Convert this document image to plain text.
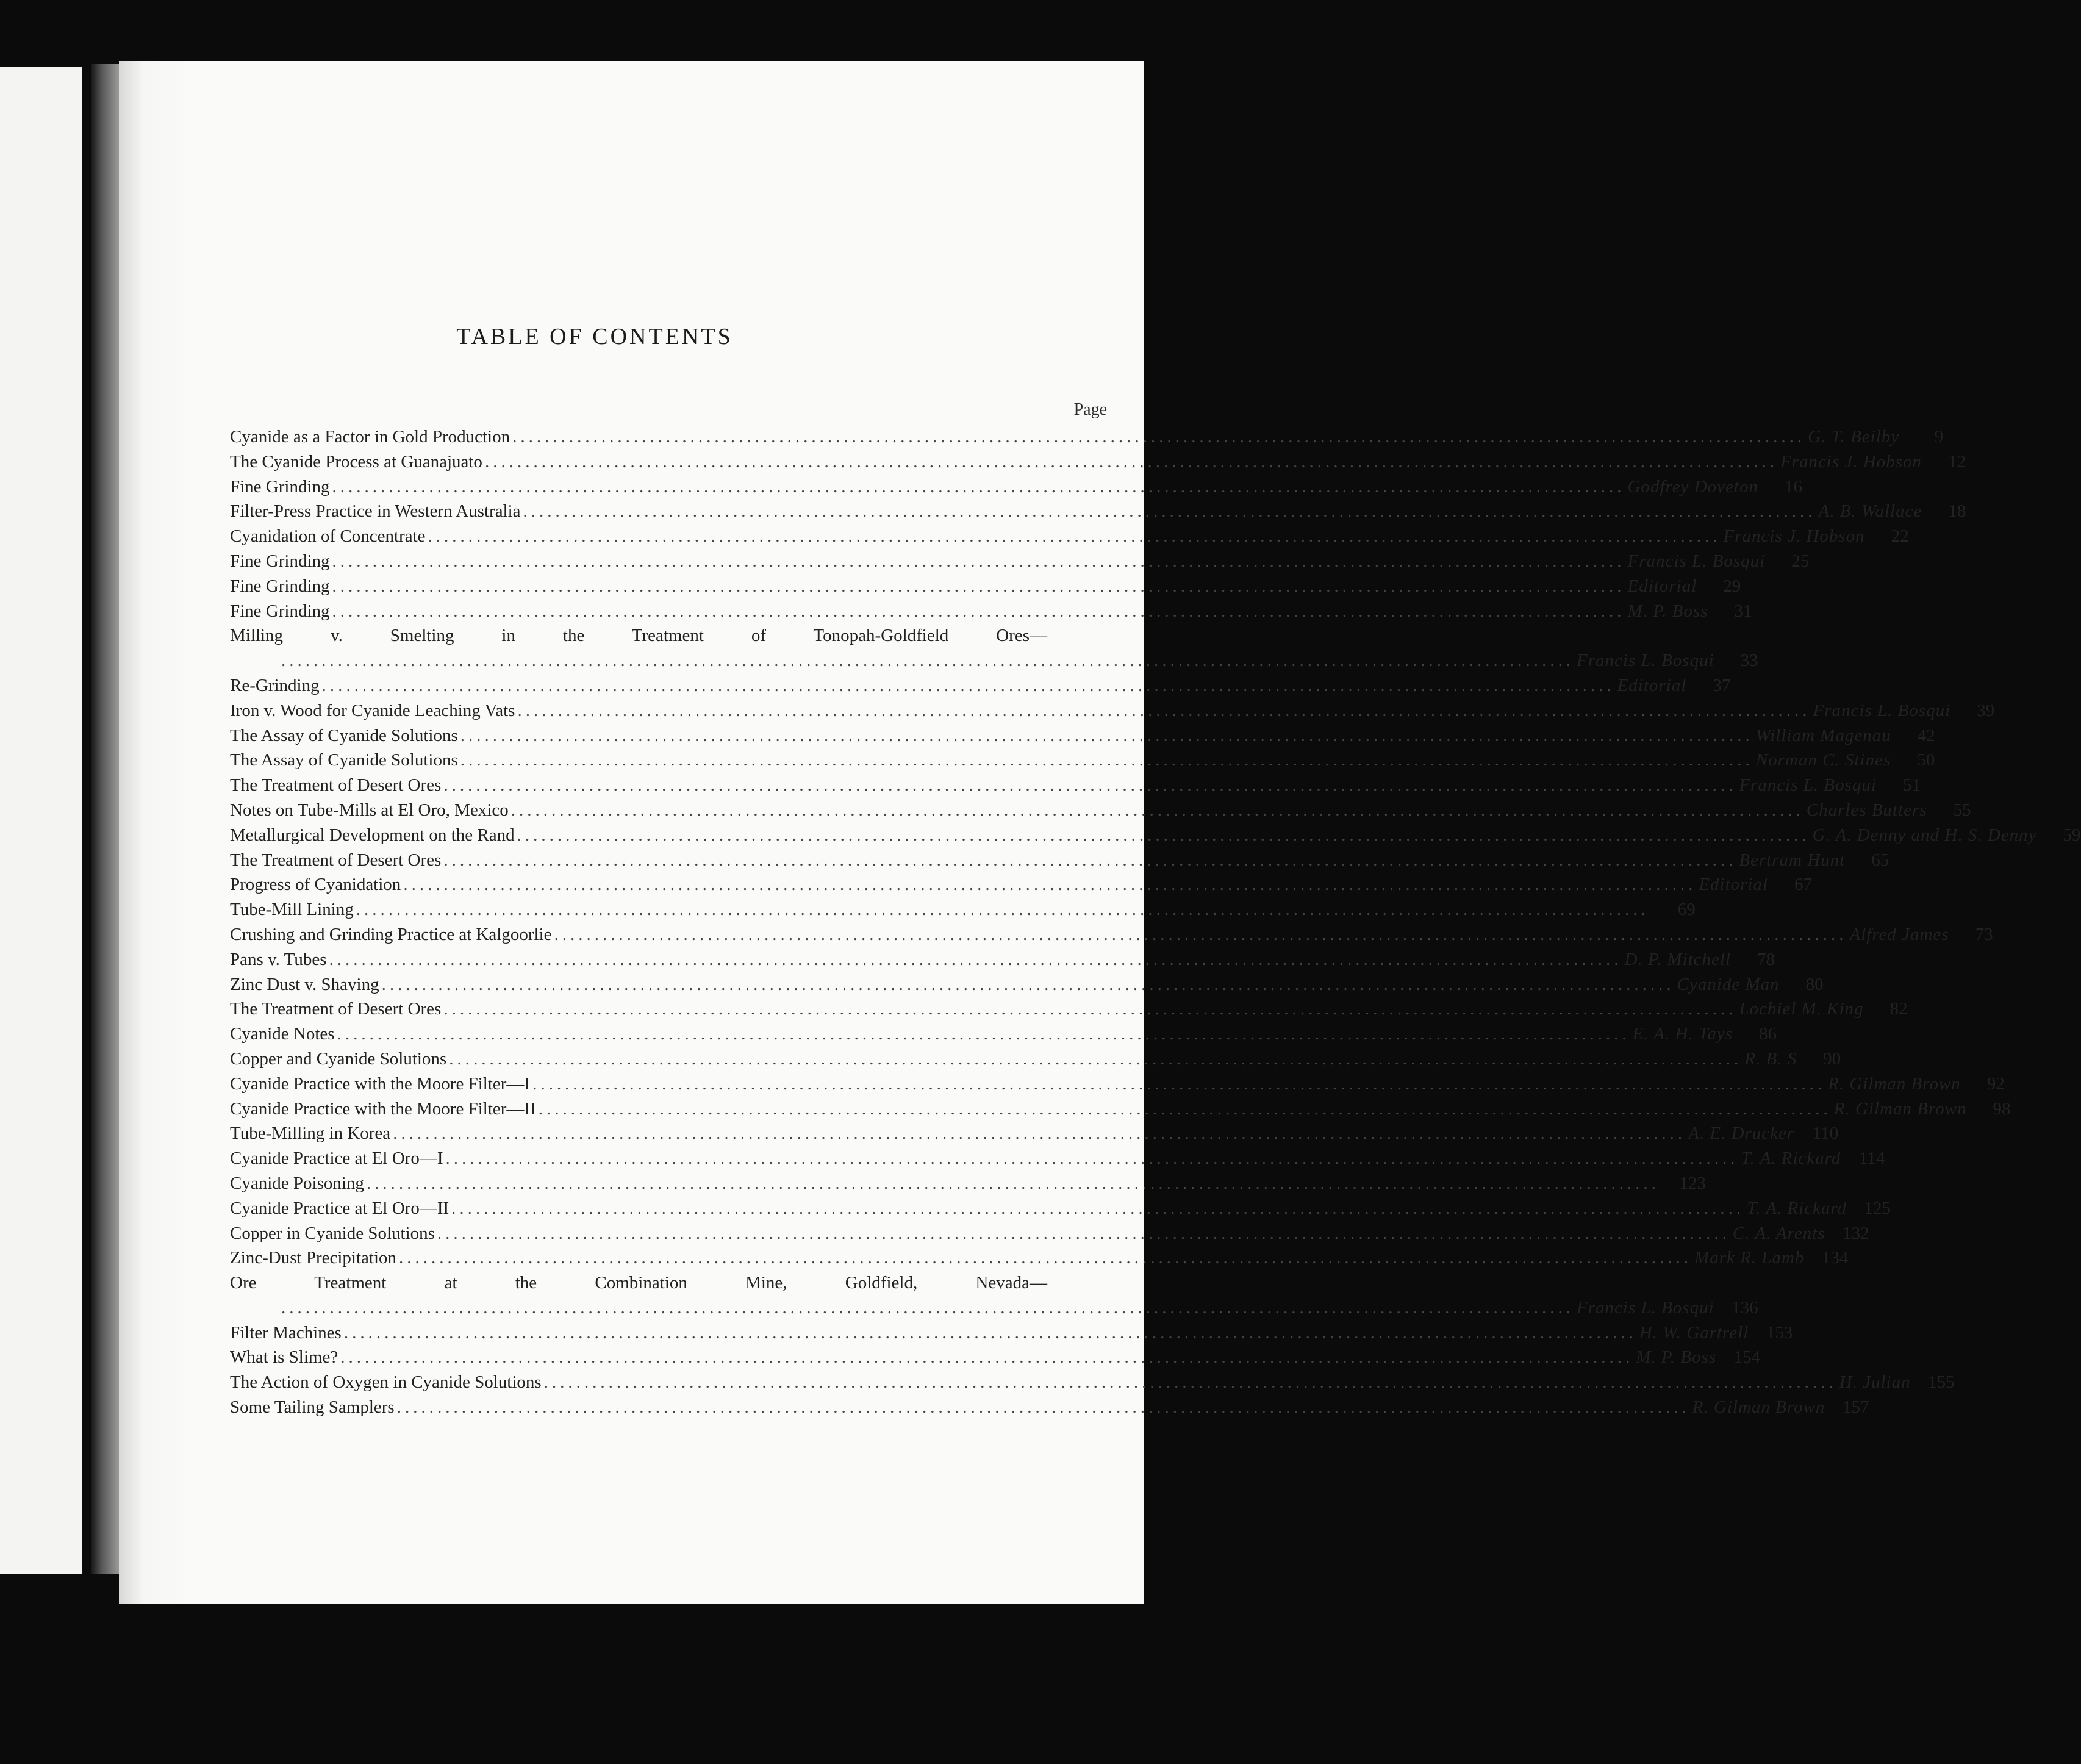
TABLE OF CONTENTS
Page
Cyanide as a Factor in Gold Production ................................................................................................................................................................ G. T. Beilby	9
The Cyanide Process at Guanajuato ................................................................................................................................................................ Francis J. Hobson	12
Fine Grinding ................................................................................................................................................................ Godfrey Doveton	16
Filter-Press Practice in Western Australia ................................................................................................................................................................ A. B. Wallace	18
Cyanidation of Concentrate ................................................................................................................................................................ Francis J. Hobson	22
Fine Grinding ................................................................................................................................................................ Francis L. Bosqui	25
Fine Grinding ................................................................................................................................................................ Editorial	29
Fine Grinding ................................................................................................................................................................ M. P. Boss	31
Milling v. Smelting in the Treatment of Tonopah-Goldfield Ores—
................................................................................................................................................................ Francis L. Bosqui	33
Re-Grinding ................................................................................................................................................................ Editorial	37
Iron v. Wood for Cyanide Leaching Vats ................................................................................................................................................................ Francis L. Bosqui	39
The Assay of Cyanide Solutions ................................................................................................................................................................ William Magenau	42
The Assay of Cyanide Solutions ................................................................................................................................................................ Norman C. Stines	50
The Treatment of Desert Ores ................................................................................................................................................................ Francis L. Bosqui	51
Notes on Tube-Mills at El Oro, Mexico ................................................................................................................................................................ Charles Butters	55
Metallurgical Development on the Rand ................................................................................................................................................................ G. A. Denny and H. S. Denny	59
The Treatment of Desert Ores ................................................................................................................................................................ Bertram Hunt	65
Progress of Cyanidation ................................................................................................................................................................ Editorial	67
Tube-Mill Lining ................................................................................................................................................................	69
Crushing and Grinding Practice at Kalgoorlie ................................................................................................................................................................ Alfred James	73
Pans v. Tubes ................................................................................................................................................................ D. P. Mitchell	78
Zinc Dust v. Shaving ................................................................................................................................................................ Cyanide Man	80
The Treatment of Desert Ores ................................................................................................................................................................ Lochiel M. King	82
Cyanide Notes ................................................................................................................................................................ E. A. H. Tays	86
Copper and Cyanide Solutions ................................................................................................................................................................ R. B. S	90
Cyanide Practice with the Moore Filter—I ................................................................................................................................................................ R. Gilman Brown	92
Cyanide Practice with the Moore Filter—II ................................................................................................................................................................ R. Gilman Brown	98
Tube-Milling in Korea ................................................................................................................................................................ A. E. Drucker	110
Cyanide Practice at El Oro—I ................................................................................................................................................................ T. A. Rickard	114
Cyanide Poisoning ................................................................................................................................................................	123
Cyanide Practice at El Oro—II ................................................................................................................................................................ T. A. Rickard 125
Copper in Cyanide Solutions ................................................................................................................................................................ C. A. Arents 132
Zinc-Dust Precipitation ................................................................................................................................................................ Mark R. Lamb 134
Ore Treatment at the Combination Mine, Goldfield, Nevada—
................................................................................................................................................................ Francis L. Bosqui 136
Filter Machines ................................................................................................................................................................ H. W. Gartrell 153
What is Slime? ................................................................................................................................................................ M. P. Boss 154
The Action of Oxygen in Cyanide Solutions ................................................................................................................................................................ H. Julian 155
Some Tailing Samplers ................................................................................................................................................................ R. Gilman Brown 157
